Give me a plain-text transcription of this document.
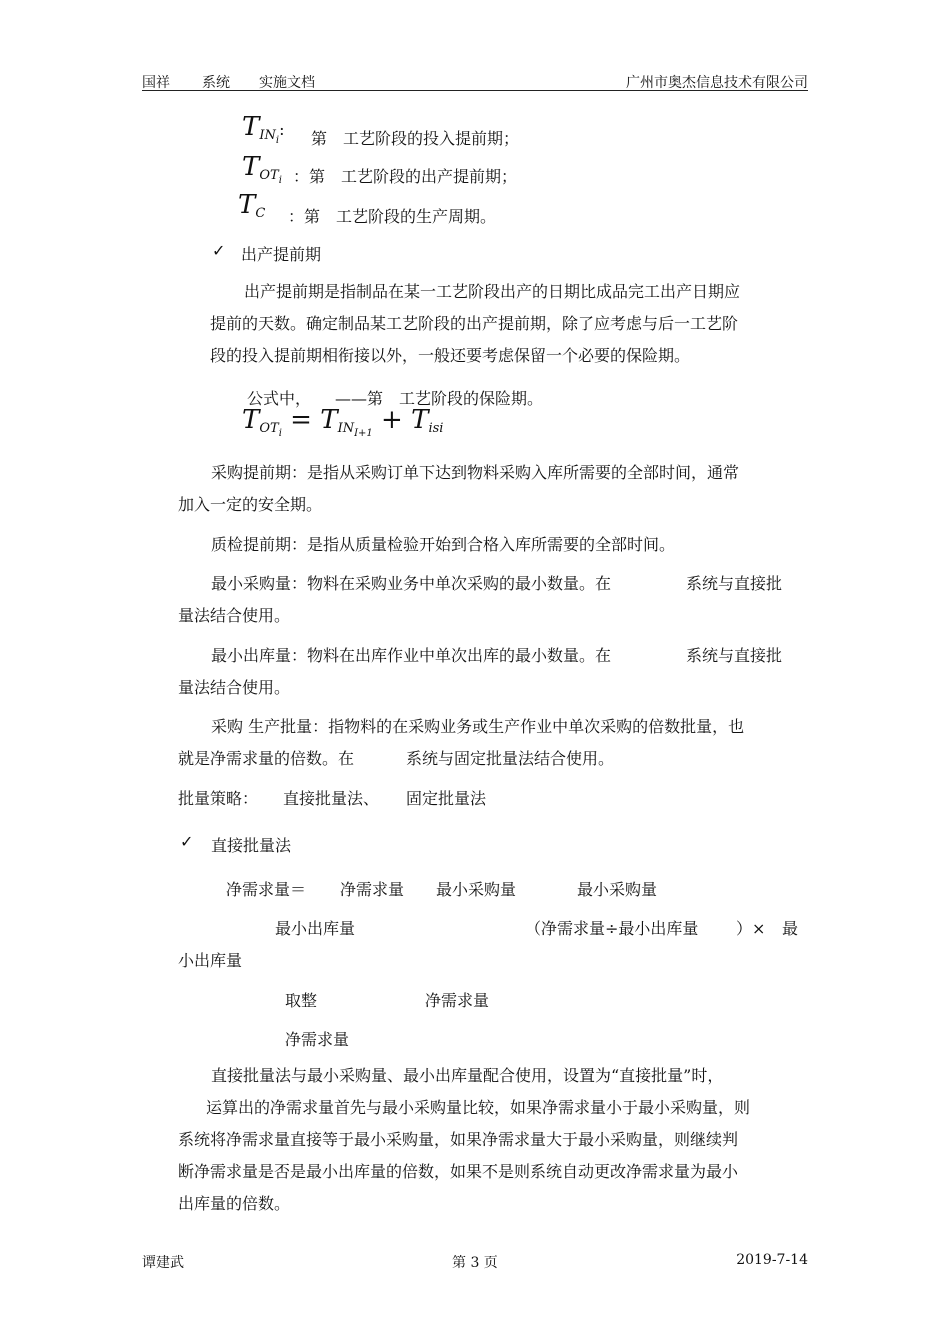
国祥 系统 实施文档	广州市奥杰信息技术有限公司
$T_{IN_i}$: 第　工艺阶段的投入提前期；
$T_{OT_i}$ ：第　工艺阶段的出产提前期；
$T_C$ ：第　工艺阶段的生产周期。
✓ 出产提前期
出产提前期是指制品在某一工艺阶段出产的日期比成品完工出产日期应
提前的天数。确定制品某工艺阶段的出产提前期，除了应考虑与后一工艺阶
段的投入提前期相衔接以外，一般还要考虑保留一个必要的保险期。
公式中，　　——第　工艺阶段的保险期。
$T_{OT_i} = T_{IN_{I+1}} + T_{isi}$
采购提前期：是指从采购订单下达到物料采购入库所需要的全部时间，通常
加入一定的安全期。
质检提前期：是指从质量检验开始到合格入库所需要的全部时间。
最小采购量：物料在采购业务中单次采购的最小数量。在	系统与直接批
量法结合使用。
最小出库量：物料在出库作业中单次出库的最小数量。在	系统与直接批
量法结合使用。
采购 生产批量：指物料的在采购业务或生产作业中单次采购的倍数批量，也
就是净需求量的倍数。在	系统与固定批量法结合使用。
批量策略： 直接批量法、 固定批量法
✓ 直接批量法
净需求量＝ 净需求量 最小采购量	最小采购量
最小出库量	（净需求量÷最小出库量 ）× 最
小出库量
取整	净需求量
净需求量
直接批量法与最小采购量、最小出库量配合使用，设置为“直接批量”时，
运算出的净需求量首先与最小采购量比较，如果净需求量小于最小采购量，则
系统将净需求量直接等于最小采购量，如果净需求量大于最小采购量，则继续判
断净需求量是否是最小出库量的倍数，如果不是则系统自动更改净需求量为最小
出库量的倍数。
谭建武	第 3 页	2019-7-14
